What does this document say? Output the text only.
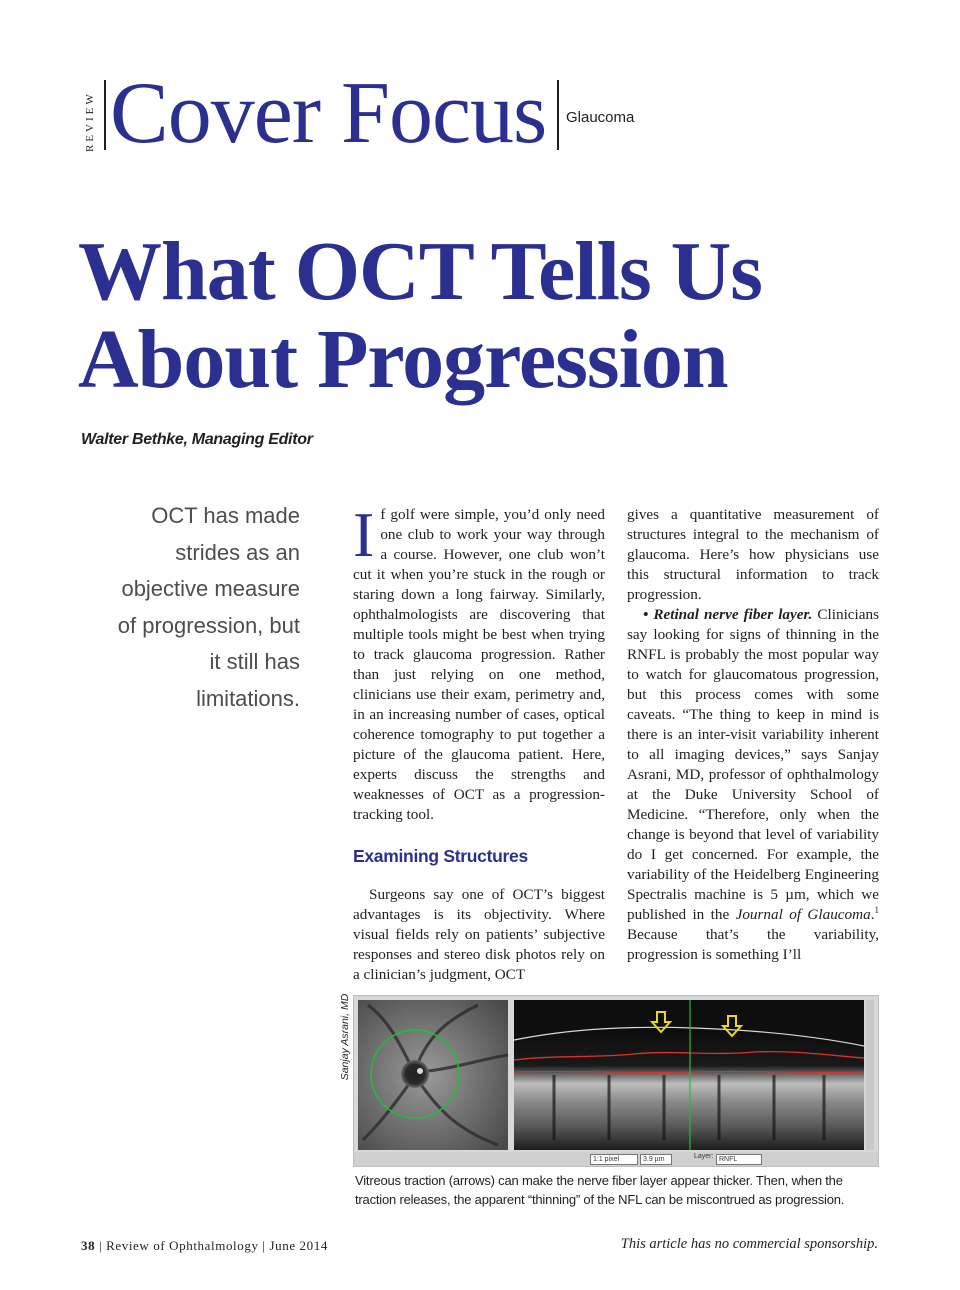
REVIEW Cover Focus Glaucoma
What OCT Tells Us
About Progression
Walter Bethke, Managing Editor
OCT has made strides as an objective measure of progression, but it still has limitations.

If golf were simple, you’d only need one club to work your way through a course. However, one club won’t cut it when you’re stuck in the rough or staring down a long fairway. Similarly, ophthalmologists are discovering that multiple tools might be best when trying to track glaucoma progression. Rather than just relying on one method, clinicians use their exam, perimetry and, in an increasing number of cases, optical coherence tomography to put together a picture of the glaucoma patient. Here, experts discuss the strengths and weaknesses of OCT as a progression-tracking tool.

Examining Structures

Surgeons say one of OCT’s biggest advantages is its objectivity. Where visual fields rely on patients’ subjective responses and stereo disk photos rely on a clinician’s judgment, OCT

gives a quantitative measurement of structures integral to the mechanism of glaucoma. Here’s how physicians use this structural information to track progression.

• Retinal nerve fiber layer. Clinicians say looking for signs of thinning in the RNFL is probably the most popular way to watch for glaucomatous progression, but this process comes with some caveats. “The thing to keep in mind is there is an inter-visit variability inherent to all imaging devices,” says Sanjay Asrani, MD, professor of ophthalmology at the Duke University School of Medicine. “Therefore, only when the change is beyond that level of variability do I get concerned. For example, the variability of the Heidelberg Engineering Spectralis machine is 5 µm, which we published in the Journal of Glaucoma.$^1$ Because that’s the variability, progression is something I’ll

Sanjay Asrani, MD
1:1 pixel	3.9 µm	Layer: RNFL
Vitreous traction (arrows) can make the nerve fiber layer appear thicker. Then, when the traction releases, the apparent “thinning” of the NFL can be miscontrued as progression.
38 | Review of Ophthalmology | June 2014	This article has no commercial sponsorship.
